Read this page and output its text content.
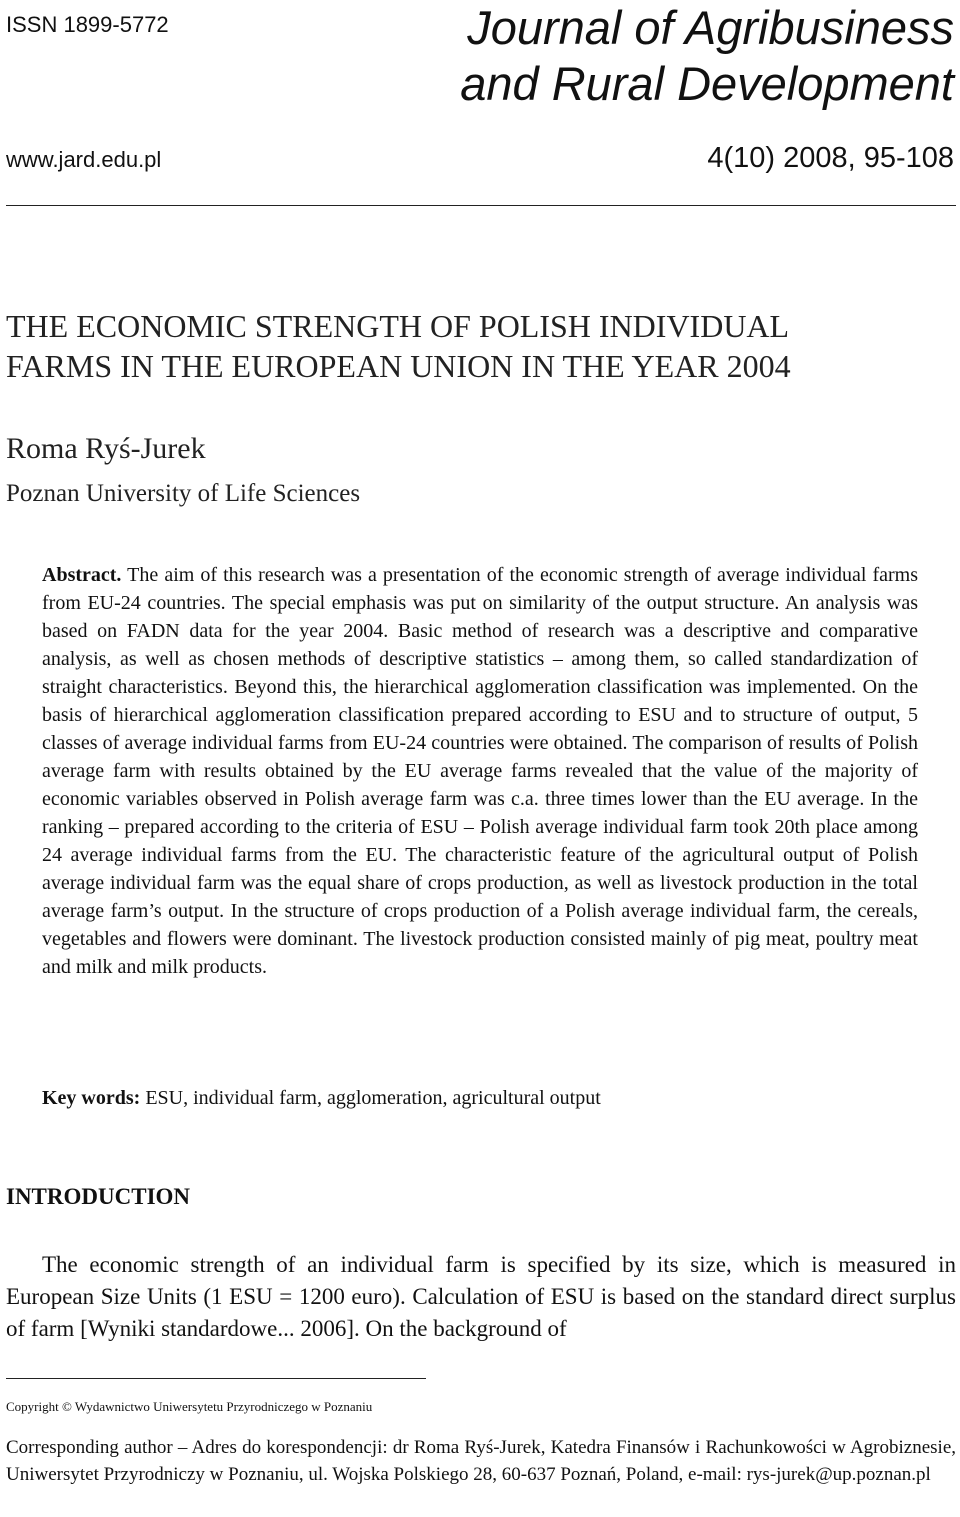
ISSN 1899-5772	Journal of Agribusiness
and Rural Development
www.jard.edu.pl	4(10) 2008, 95-108
THE ECONOMIC STRENGTH OF POLISH INDIVIDUAL
FARMS IN THE EUROPEAN UNION IN THE YEAR 2004
Roma Ryś-Jurek
Poznan University of Life Sciences
Abstract. The aim of this research was a presentation of the economic strength of average individual farms from EU-24 countries. The special emphasis was put on similarity of the output structure. An analysis was based on FADN data for the year 2004. Basic method of research was a descriptive and comparative analysis, as well as chosen methods of descriptive statistics – among them, so called standardization of straight characteristics. Beyond this, the hierarchical agglomeration classification was implemented. On the basis of hierarchical agglomeration classification prepared according to ESU and to structure of output, 5 classes of average individual farms from EU-24 countries were obtained. The comparison of results of Polish average farm with results obtained by the EU average farms revealed that the value of the majority of economic variables observed in Polish average farm was c.a. three times lower than the EU average. In the ranking – prepared according to the criteria of ESU – Polish average individual farm took 20th place among 24 average individual farms from the EU. The characteristic feature of the agricultural output of Polish average individual farm was the equal share of crops production, as well as livestock production in the total average farm’s output. In the structure of crops production of a Polish average individual farm, the cereals, vegetables and flowers were dominant. The livestock production consisted mainly of pig meat, poultry meat and milk and milk products.
Key words: ESU, individual farm, agglomeration, agricultural output
INTRODUCTION
The economic strength of an individual farm is specified by its size, which is measured in European Size Units (1 ESU = 1200 euro). Calculation of ESU is based on the standard direct surplus of farm [Wyniki standardowe... 2006]. On the background of
Copyright © Wydawnictwo Uniwersytetu Przyrodniczego w Poznaniu
Corresponding author – Adres do korespondencji: dr Roma Ryś-Jurek, Katedra Finansów i Rachunkowości w Agrobiznesie, Uniwersytet Przyrodniczy w Poznaniu, ul. Wojska Polskiego 28, 60-637 Poznań, Poland, e-mail: rys-jurek@up.poznan.pl
